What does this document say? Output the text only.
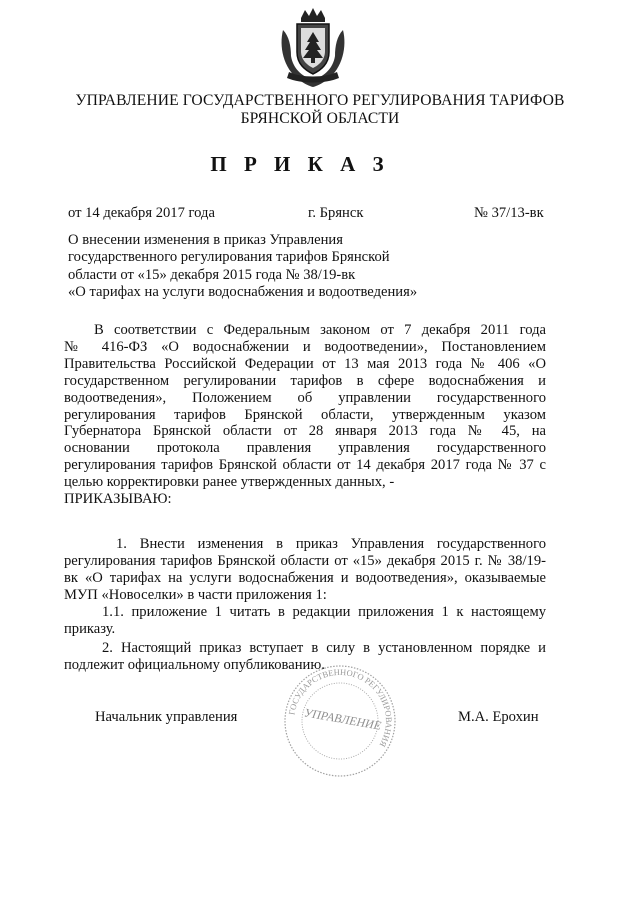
УПРАВЛЕНИЕ ГОСУДАРСТВЕННОГО РЕГУЛИРОВАНИЯ ТАРИФОВ
БРЯНСКОЙ ОБЛАСТИ
П Р И К А З
от 14 декабря 2017 года	г. Брянск	№ 37/13-вк
О внесении изменения в приказ Управления
государственного регулирования тарифов Брянской
области от «15» декабря 2015 года № 38/19-вк
«О тарифах на услуги водоснабжения и водоотведения»
В соответствии с Федеральным законом от 7 декабря 2011 года
№ 416-ФЗ «О водоснабжении и водоотведении», Постановлением
Правительства Российской Федерации от 13 мая 2013 года № 406 «О
государственном регулировании тарифов в сфере водоснабжения и
водоотведения», Положением об управлении государственного
регулирования тарифов Брянской области, утвержденным указом
Губернатора Брянской области от 28 января 2013 года № 45, на
основании протокола правления управления государственного
регулирования тарифов Брянской области от 14 декабря 2017 года № 37 с
целью корректировки ранее утвержденных данных, -
ПРИКАЗЫВАЮ:
1. Внести изменения в приказ Управления государственного
регулирования тарифов Брянской области от «15» декабря 2015 г. № 38/19-
вк «О тарифах на услуги водоснабжения и водоотведения», оказываемые
МУП «Новоселки» в части приложения 1:
1.1. приложение 1 читать в редакции приложения 1 к настоящему
приказу.
2. Настоящий приказ вступает в силу в установленном порядке и
подлежит официальному опубликованию.
ГОСУДАРСТВЕННОГО РЕГУЛИРОВАНИЯ
УПРАВЛЕНИЕ
Начальник управления	М.А. Ерохин
